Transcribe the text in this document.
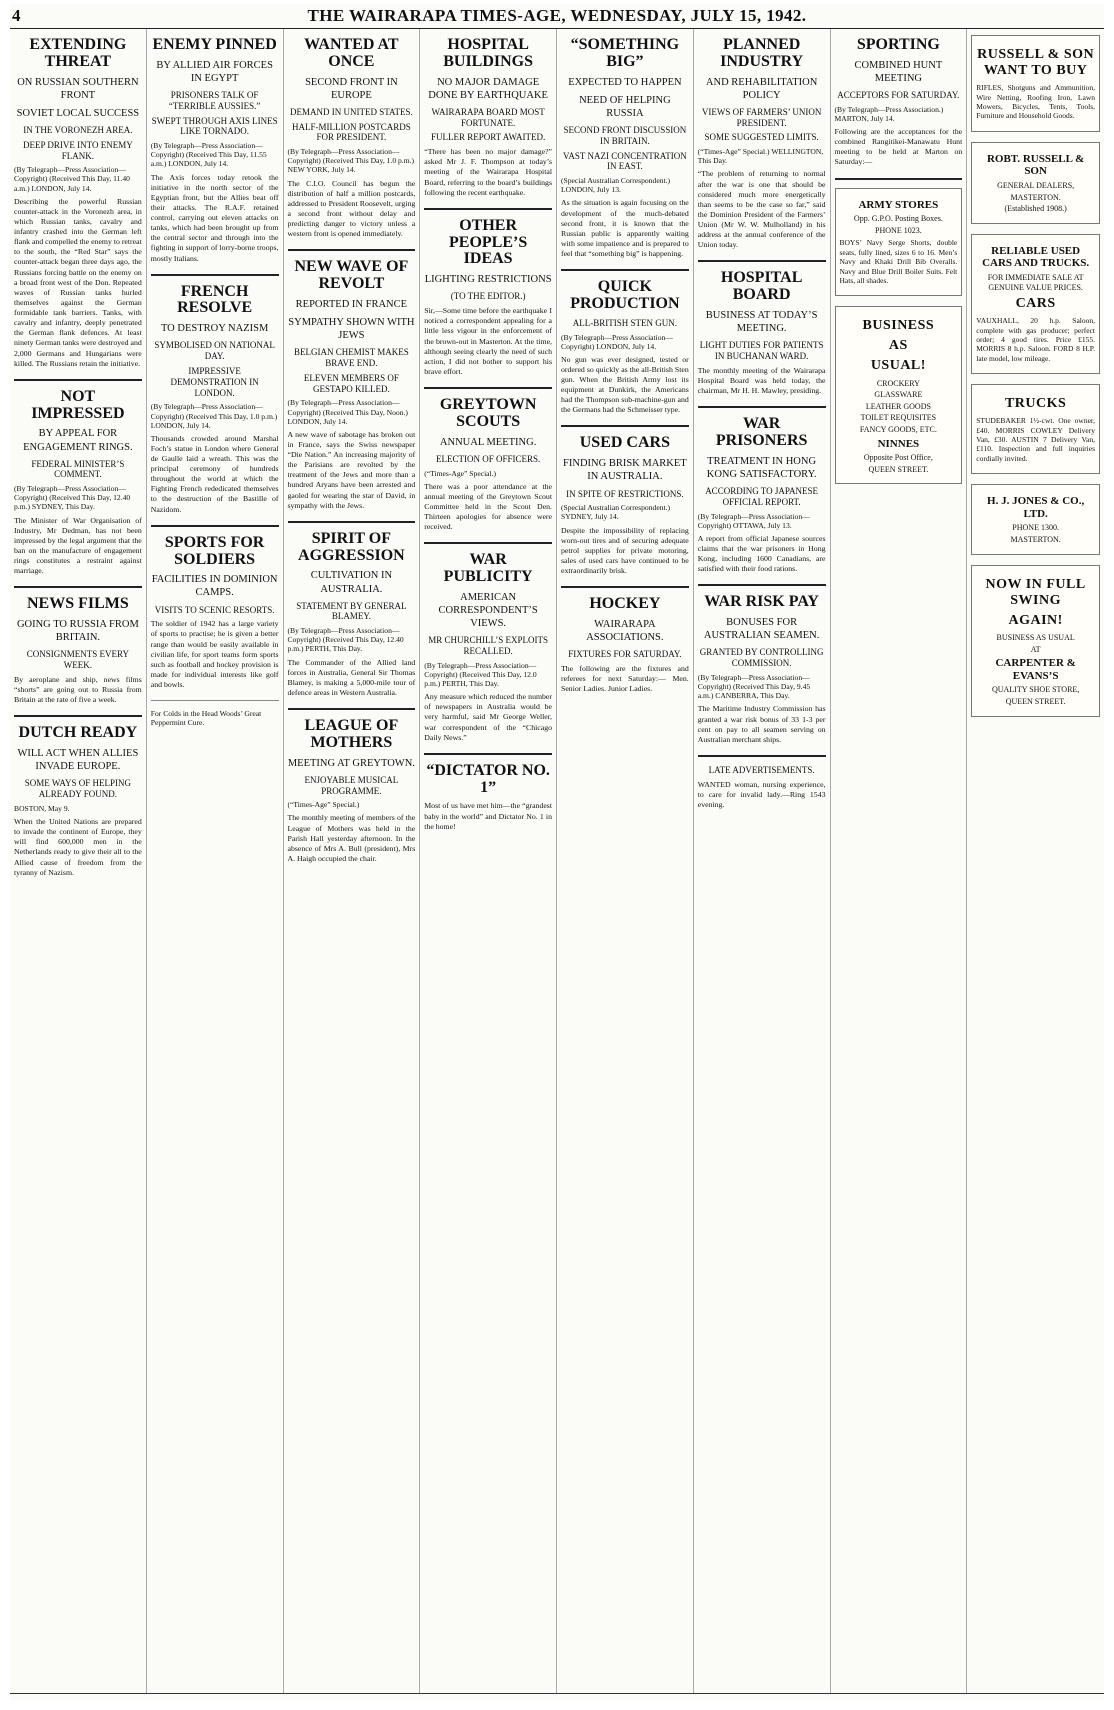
4	THE WAIRARAPA TIMES-AGE, WEDNESDAY, JULY 15, 1942.
EXTENDING THREAT
ON RUSSIAN SOUTHERN FRONT
SOVIET LOCAL SUCCESS
IN THE VORONEZH AREA.
DEEP DRIVE INTO ENEMY FLANK.
(By Telegraph—Press Association—Copyright) (Received This Day, 11.40 a.m.) LONDON, July 14.

Describing the powerful Russian counter-attack in the Voronezh area, in which Russian tanks, cavalry and infantry crashed into the German left flank and compelled the enemy to retreat to the south, the “Red Star” says the counter-attack began three days ago, the Russians forcing battle on the enemy on a broad front west of the Don. Repeated waves of Russian tanks hurled themselves against the German formidable tank barriers. Tanks, with cavalry and infantry, deeply penetrated the German flank defences. At least ninety German tanks were destroyed and 2,000 Germans and Hungarians were killed. The Russians retain the initiative.

NOT IMPRESSED
BY APPEAL FOR ENGAGEMENT RINGS.
FEDERAL MINISTER’S COMMENT.
(By Telegraph—Press Association—Copyright) (Received This Day, 12.40 p.m.) SYDNEY, This Day.

The Minister of War Organisation of Industry, Mr Dedman, has not been impressed by the legal argument that the ban on the manufacture of engagement rings constitutes a restraint against marriage.

NEWS FILMS
GOING TO RUSSIA FROM BRITAIN.
CONSIGNMENTS EVERY WEEK.

By aeroplane and ship, news films “shorts” are going out to Russia from Britain at the rate of five a week.

DUTCH READY
WILL ACT WHEN ALLIES INVADE EUROPE.
SOME WAYS OF HELPING ALREADY FOUND.
BOSTON, May 9.

When the United Nations are prepared to invade the continent of Europe, they will find 600,000 men in the Netherlands ready to give their all to the Allied cause of freedom from the tyranny of Nazism.

ENEMY PINNED
BY ALLIED AIR FORCES IN EGYPT
PRISONERS TALK OF “TERRIBLE AUSSIES.”
SWEPT THROUGH AXIS LINES LIKE TORNADO.
(By Telegraph—Press Association—Copyright) (Received This Day, 11.55 a.m.) LONDON, July 14.

The Axis forces today retook the initiative in the north sector of the Egyptian front, but the Allies beat off their attacks. The R.A.F. retained control, carrying out eleven attacks on tanks, which had been brought up from the central sector and through into the fighting in support of lorry-borne troops, mostly Italians.

FRENCH RESOLVE
TO DESTROY NAZISM
SYMBOLISED ON NATIONAL DAY.
IMPRESSIVE DEMONSTRATION IN LONDON.
(By Telegraph—Press Association—Copyright) (Received This Day, 1.0 p.m.) LONDON, July 14.

Thousands crowded around Marshal Foch’s statue in London where General de Gaulle laid a wreath. This was the principal ceremony of hundreds throughout the world at which the Fighting French rededicated themselves to the destruction of the Bastille of Nazidom.

SPORTS FOR SOLDIERS
FACILITIES IN DOMINION CAMPS.
VISITS TO SCENIC RESORTS.

The soldier of 1942 has a large variety of sports to practise; he is given a better range than would be easily available in civilian life, for sport teams form sports such as football and hockey provision is made for individual interests like golf and bowls.

For Colds in the Head Woods’ Great Peppermint Cure.
WANTED AT ONCE
SECOND FRONT IN EUROPE
DEMAND IN UNITED STATES.
HALF-MILLION POSTCARDS FOR PRESIDENT.
(By Telegraph—Press Association—Copyright) (Received This Day, 1.0 p.m.) NEW YORK, July 14.

The C.I.O. Council has begun the distribution of half a million postcards, addressed to President Roosevelt, urging a second front without delay and predicting danger to victory unless a western front is opened immediately.

NEW WAVE OF REVOLT
REPORTED IN FRANCE
SYMPATHY SHOWN WITH JEWS
BELGIAN CHEMIST MAKES BRAVE END.
ELEVEN MEMBERS OF GESTAPO KILLED.
(By Telegraph—Press Association—Copyright) (Received This Day, Noon.) LONDON, July 14.

A new wave of sabotage has broken out in France, says the Swiss newspaper “Die Nation.” An increasing majority of the Parisians are revolted by the treatment of the Jews and more than a hundred Aryans have been arrested and gaoled for wearing the star of David, in sympathy with the Jews.

SPIRIT OF AGGRESSION
CULTIVATION IN AUSTRALIA.
STATEMENT BY GENERAL BLAMEY.
(By Telegraph—Press Association—Copyright) (Received This Day, 12.40 p.m.) PERTH, This Day.

The Commander of the Allied land forces in Australia, General Sir Thomas Blamey, is making a 5,000-mile tour of defence areas in Western Australia.

LEAGUE OF MOTHERS
MEETING AT GREYTOWN.
ENJOYABLE MUSICAL PROGRAMME.
(“Times-Age” Special.)

The monthly meeting of members of the League of Mothers was held in the Parish Hall yesterday afternoon. In the absence of Mrs A. Bull (president), Mrs A. Haigh occupied the chair.

HOSPITAL BUILDINGS
NO MAJOR DAMAGE DONE BY EARTHQUAKE
WAIRARAPA BOARD MOST FORTUNATE.
FULLER REPORT AWAITED.

“There has been no major damage?” asked Mr J. F. Thompson at today’s meeting of the Wairarapa Hospital Board, referring to the board’s buildings following the recent earthquake.

OTHER PEOPLE’S IDEAS
LIGHTING RESTRICTIONS
(TO THE EDITOR.)

Sir,—Some time before the earthquake I noticed a correspondent appealing for a little less vigour in the enforcement of the brown-out in Masterton. At the time, although seeing clearly the need of such action, I did not bother to support his brave effort.

GREYTOWN SCOUTS
ANNUAL MEETING.
ELECTION OF OFFICERS.
(“Times-Age” Special.)

There was a poor attendance at the annual meeting of the Greytown Scout Committee held in the Scout Den. Thirteen apologies for absence were received.

WAR PUBLICITY
AMERICAN CORRESPONDENT’S VIEWS.
MR CHURCHILL’S EXPLOITS RECALLED.
(By Telegraph—Press Association—Copyright) (Received This Day, 12.0 p.m.) PERTH, This Day.

Any measure which reduced the number of newspapers in Australia would be very harmful, said Mr George Weller, war correspondent of the “Chicago Daily News.”

“DICTATOR NO. 1”

Most of us have met him—the “grandest baby in the world” and Dictator No. 1 in the home!

“SOMETHING BIG”
EXPECTED TO HAPPEN
NEED OF HELPING RUSSIA
SECOND FRONT DISCUSSION IN BRITAIN.
VAST NAZI CONCENTRATION IN EAST.
(Special Australian Correspondent.) LONDON, July 13.

As the situation is again focusing on the development of the much-debated second front, it is known that the Russian public is apparently waiting with some impatience and is prepared to feel that “something big” is happening.

QUICK PRODUCTION
ALL-BRITISH STEN GUN.
(By Telegraph—Press Association—Copyright) LONDON, July 14.

No gun was ever designed, tested or ordered so quickly as the all-British Sten gun. When the British Army lost its equipment at Dunkirk, the Americans had the Thompson sub-machine-gun and the Germans had the Schmeisser type.

USED CARS
FINDING BRISK MARKET IN AUSTRALIA.
IN SPITE OF RESTRICTIONS.
(Special Australian Correspondent.) SYDNEY, July 14.

Despite the impossibility of replacing worn-out tires and of securing adequate petrol supplies for private motoring, sales of used cars have continued to be extraordinarily brisk.

HOCKEY
WAIRARAPA ASSOCIATIONS.
FIXTURES FOR SATURDAY.

The following are the fixtures and referees for next Saturday:— Men. Senior Ladies. Junior Ladies.

PLANNED INDUSTRY
AND REHABILITATION POLICY
VIEWS OF FARMERS’ UNION PRESIDENT.
SOME SUGGESTED LIMITS.
(“Times-Age” Special.) WELLINGTON, This Day.

“The problem of returning to normal after the war is one that should be considered much more energetically than seems to be the case so far,” said the Dominion President of the Farmers’ Union (Mr W. W. Mulholland) in his address at the annual conference of the Union today.

HOSPITAL BOARD
BUSINESS AT TODAY’S MEETING.
LIGHT DUTIES FOR PATIENTS IN BUCHANAN WARD.

The monthly meeting of the Wairarapa Hospital Board was held today, the chairman, Mr H. H. Mawley, presiding.

WAR PRISONERS
TREATMENT IN HONG KONG SATISFACTORY.
ACCORDING TO JAPANESE OFFICIAL REPORT.
(By Telegraph—Press Association—Copyright) OTTAWA, July 13.

A report from official Japanese sources claims that the war prisoners in Hong Kong, including 1600 Canadians, are satisfied with their food rations.

WAR RISK PAY
BONUSES FOR AUSTRALIAN SEAMEN.
GRANTED BY CONTROLLING COMMISSION.
(By Telegraph—Press Association—Copyright) (Received This Day, 9.45 a.m.) CANBERRA, This Day.

The Maritime Industry Commission has granted a war risk bonus of 33 1-3 per cent on pay to all seamen serving on Australian merchant ships.

LATE ADVERTISEMENTS.

WANTED woman, nursing experience, to care for invalid lady.—Ring 1543 evening.

SPORTING
COMBINED HUNT MEETING
ACCEPTORS FOR SATURDAY.
(By Telegraph—Press Association.) MARTON, July 14.

Following are the acceptances for the combined Rangitikei-Manawatu Hunt meeting to be held at Marton on Saturday:—

ARMY STORES
Opp. G.P.O. Posting Boxes.
PHONE 1023.
BOYS’ Navy Serge Shorts, double seats, fully lined, sizes 6 to 16. Men’s Navy and Khaki Drill Bib Overalls. Navy and Blue Drill Boiler Suits. Felt Hats, all shades.
BUSINESS
AS
USUAL!
CROCKERY
GLASSWARE
LEATHER GOODS
TOILET REQUISITES
FANCY GOODS, ETC.
NINNES
Opposite Post Office,
QUEEN STREET.
RUSSELL & SON WANT TO BUY
RIFLES, Shotguns and Ammunition, Wire Netting, Roofing Iron, Lawn Mowers, Bicycles, Tents, Tools, Furniture and Household Goods.
ROBT. RUSSELL & SON
GENERAL DEALERS,
MASTERTON.
(Established 1908.)
RELIABLE USED CARS AND TRUCKS.
FOR IMMEDIATE SALE AT GENUINE VALUE PRICES.
CARS
VAUXHALL, 20 h.p. Saloon, complete with gas producer; perfect order; 4 good tires. Price £155. MORRIS 8 h.p. Saloon. FORD 8 H.P. late model, low mileage.
TRUCKS
STUDEBAKER 1½-cwt. One owner, £40. MORRIS COWLEY Delivery Van, £30. AUSTIN 7 Delivery Van, £110. Inspection and full inquiries cordially invited.
H. J. JONES & CO., LTD.
PHONE 1300.
MASTERTON.
NOW IN FULL SWING
AGAIN!
BUSINESS AS USUAL
AT
CARPENTER & EVANS’S
QUALITY SHOE STORE,
QUEEN STREET.
